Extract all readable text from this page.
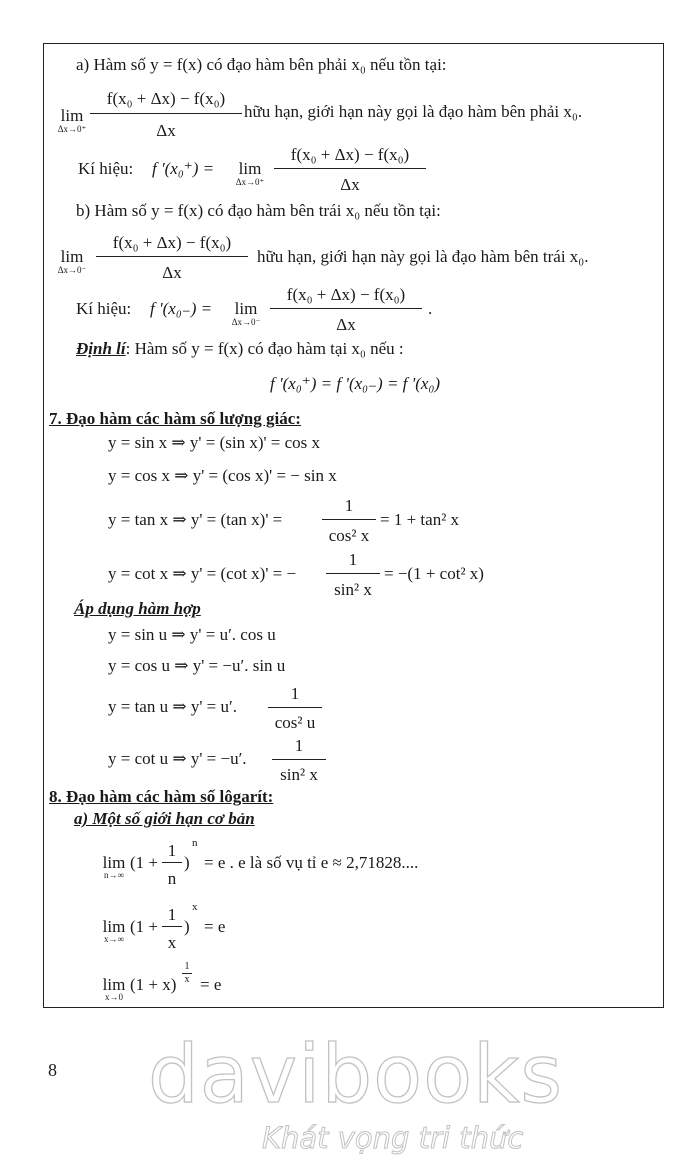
a) Hàm số y = f(x) có đạo hàm bên phải x₀ nếu tồn tại:
lim
Δx→0⁺
f(x₀ + Δx) − f(x₀)
Δx
hữu hạn, giới hạn này gọi là đạo hàm bên phải x₀.
Kí hiệu: f '(x₀⁺) =	lim
Δx→0⁺
f(x₀ + Δx) − f(x₀)
Δx
b) Hàm số y = f(x) có đạo hàm bên trái x₀ nếu tồn tại:
lim
Δx→0⁻
f(x₀ + Δx) − f(x₀)
Δx
hữu hạn, giới hạn này gọi là đạo hàm bên trái x₀.
Kí hiệu: f '(x₀₋) =	lim
Δx→0⁻
f(x₀ + Δx) − f(x₀)
Δx
.
Định lí: Hàm số y = f(x) có đạo hàm tại x₀ nếu :
f '(x₀⁺) = f '(x₀₋) = f '(x₀)
7. Đạo hàm các hàm số lượng giác:
y = sin x ⇒ y' = (sin x)' = cos x
y = cos x ⇒ y' = (cos x)' = − sin x
y = tan x ⇒ y' = (tan x)' =
1
cos² x
= 1 + tan² x
y = cot x ⇒ y' = (cot x)' = −
1
sin² x
= −(1 + cot² x)
Áp dụng hàm hợp
y = sin u ⇒ y' = u′. cos u
y = cos u ⇒ y' = −u′. sin u
y = tan u ⇒ y' = u′.
1
cos² u
y = cot u ⇒ y' = −u′.
1
sin² x
8. Đạo hàm các hàm số lôgarít:
a) Một số giới hạn cơ bản
lim
n→∞
(1 +
1
n
)
n
= e . e là số vụ tỉ e ≈ 2,71828....
lim
x→∞
(1 +
1
x
)
x
= e
lim
x→0
(1 + x)
1
x = e
8 davibooks
Khát vọng tri thức
